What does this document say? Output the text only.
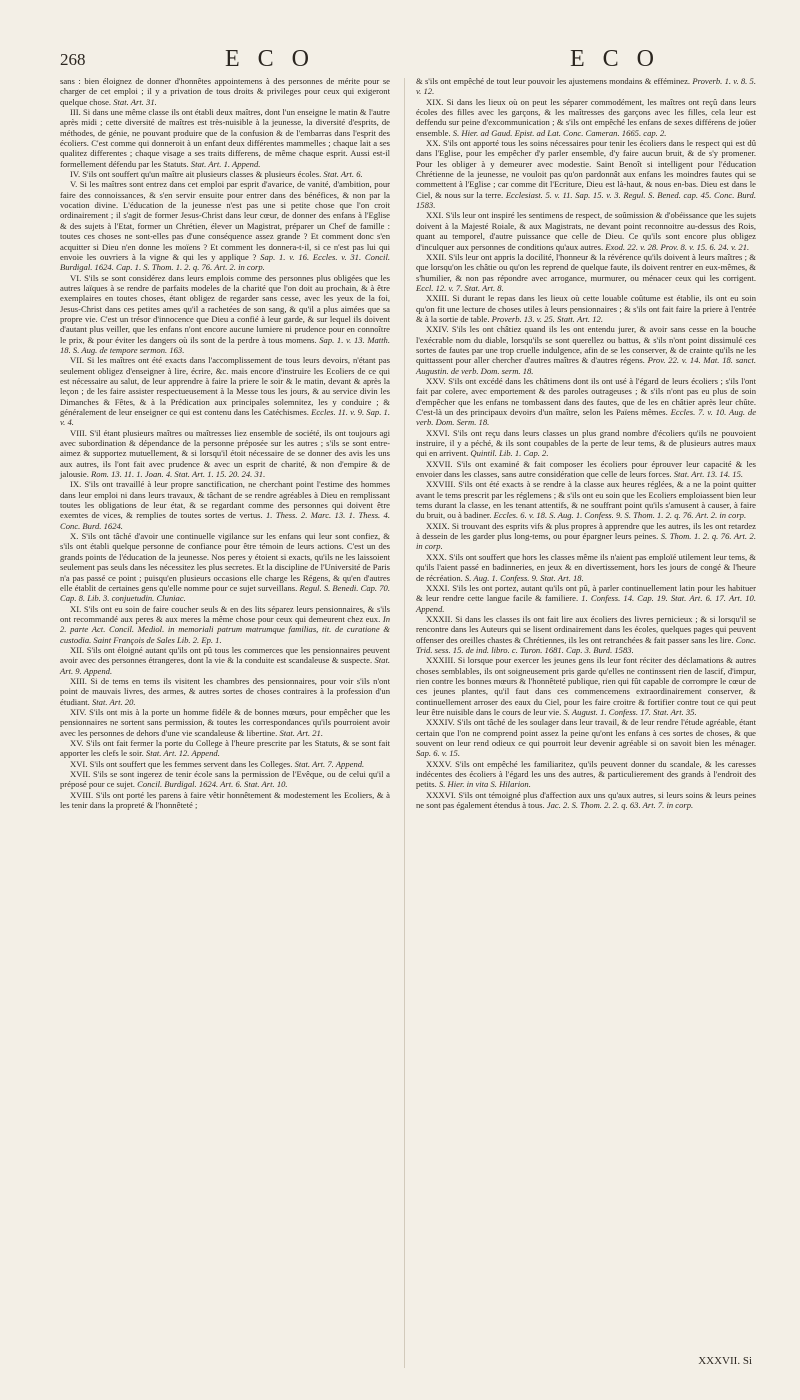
268	E C O	E C O

sans : bien éloignez de donner d'honnêtes appointemens à des personnes de mérite pour se charger de cet emploi ; il y a privation de tous droits & privileges pour ceux qui exigeront quelque chose. Stat. Art. 31.

III. Si dans une même classe ils ont établi deux maîtres, dont l'un enseigne le matin & l'autre après midi ; cette diversité de maîtres est très-nuisible à la jeunesse, la diversité d'esprits, de méthodes, de génie, ne pouvant produire que de la confusion & de l'embarras dans l'esprit des écoliers. C'est comme qui donneroit à un enfant deux différentes mammelles ; chaque lait a ses qualitez differentes ; chaque visage a ses traits differens, de même chaque esprit. Aussi est-il formellement défendu par les Statuts. Stat. Art. 1. Append.

IV. S'ils ont souffert qu'un maître ait plusieurs classes & plusieurs écoles. Stat. Art. 6.

V. Si les maîtres sont entrez dans cet emploi par esprit d'avarice, de vanité, d'ambition, pour faire des connoissances, & s'en servir ensuite pour entrer dans des bénéfices, & non par la vocation divine. L'éducation de la jeunesse n'est pas une si petite chose que l'on croit ordinairement ; il s'agit de former Jesus-Christ dans leur cœur, de donner des enfans à l'Eglise & des sujets à l'Etat, former un Chrétien, élever un Magistrat, préparer un Chef de famille : toutes ces choses ne sont-elles pas d'une conséquence assez grande ? Et comment donc s'en acquitter si Dieu n'en donne les moïens ? Et comment les donnera-t-il, si ce n'est pas lui qui envoie les ouvriers à la vigne & qui les y applique ? Sap. 1. v. 16. Eccles. v. 31. Concil. Burdigal. 1624. Cap. 1. S. Thom. 1. 2. q. 76. Art. 2. in corp.

VI. S'ils se sont considérez dans leurs emplois comme des personnes plus obligées que les autres laïques à se rendre de parfaits modeles de la charité que l'on doit au prochain, & à être exemplaires en toutes choses, étant obligez de regarder sans cesse, avec les yeux de la foi, Jesus-Christ dans ces petites ames qu'il a rachetées de son sang, & qu'il a plus aimées que sa propre vie. C'est un trésor d'innocence que Dieu a confié à leur garde, & sur lequel ils doivent d'autant plus veiller, que les enfans n'ont encore aucune lumiere ni prudence pour en connoître le prix, & pour éviter les dangers où ils sont de la perdre à tous momens. Sap. 1. v. 13. Matth. 18. S. Aug. de tempore sermon. 163.

VII. Si les maîtres ont été exacts dans l'accomplissement de tous leurs devoirs, n'étant pas seulement obligez d'enseigner à lire, écrire, &c. mais encore d'instruire les Ecoliers de ce qui est nécessaire au salut, de leur apprendre à faire la priere le soir & le matin, devant & après la leçon ; de les faire assister respectueusement à la Messe tous les jours, & au service divin les Dimanches & Fêtes, & à la Prédication aux principales solemnitez, les y conduire ; & généralement de leur enseigner ce qui est contenu dans les Catéchismes. Eccles. 11. v. 9. Sap. 1. v. 4.

VIII. S'il étant plusieurs maîtres ou maîtresses liez ensemble de société, ils ont toujours agi avec subordination & dépendance de la personne préposée sur les autres ; s'ils se sont entre-aimez & supportez mutuellement, & si lorsqu'il étoit nécessaire de se donner des avis les uns aux autres, ils l'ont fait avec prudence & avec un esprit de charité, & non d'empire & de jalousie. Rom. 13. 11. 1. Joan. 4. Stat. Art. 1. 15. 20. 24. 31.

IX. S'ils ont travaillé à leur propre sanctification, ne cherchant point l'estime des hommes dans leur emploi ni dans leurs travaux, & tâchant de se rendre agréables à Dieu en remplissant toutes les obligations de leur état, & se regardant comme des personnes qui doivent être exemtes de vices, & remplies de toutes sortes de vertus. 1. Thess. 2. Marc. 13. 1. Thess. 4. Conc. Burd. 1624.

X. S'ils ont tâché d'avoir une continuelle vigilance sur les enfans qui leur sont confiez, & s'ils ont établi quelque personne de confiance pour être témoin de leurs actions. C'est un des grands points de l'éducation de la jeunesse. Nos peres y étoient si exacts, qu'ils ne les laissoient seulement pas seuls dans les nécessitez les plus secretes. Et la discipline de l'Université de Paris n'a pas passé ce point ; puisqu'en plusieurs occasions elle charge les Régens, & qu'en d'autres elle établit de certaines gens qu'elle nomme pour ce sujet surveillans. Regul. S. Benedi. Cap. 70. Cap. 8. Lib. 3. conjuetudin. Cluniac.

XI. S'ils ont eu soin de faire coucher seuls & en des lits séparez leurs pensionnaires, & s'ils ont recommandé aux peres & aux meres la même chose pour ceux qui demeurent chez eux. In 2. parte Act. Concil. Mediol. in memoriali patrum matrumque familias, tit. de curatione & custodia. Saint François de Sales Lib. 2. Ep. 1.

XII. S'ils ont éloigné autant qu'ils ont pû tous les commerces que les pensionnaires peuvent avoir avec des personnes étrangeres, dont la vie & la conduite est scandaleuse & suspecte. Stat. Art. 9. Append.

XIII. Si de tems en tems ils visitent les chambres des pensionnaires, pour voir s'ils n'ont point de mauvais livres, des armes, & autres sortes de choses contraires à la profession d'un étudiant. Stat. Art. 20.

XIV. S'ils ont mis à la porte un homme fidéle & de bonnes mœurs, pour empêcher que les pensionnaires ne sortent sans permission, & toutes les correspondances qu'ils pourroient avoir avec les personnes de dehors d'une vie scandaleuse & libertine. Stat. Art. 21.

XV. S'ils ont fait fermer la porte du College à l'heure prescrite par les Statuts, & se sont fait apporter les clefs le soir. Stat. Art. 12. Append.

XVI. S'ils ont souffert que les femmes servent dans les Colleges. Stat. Art. 7. Append.

XVII. S'ils se sont ingerez de tenir école sans la permission de l'Evêque, ou de celui qu'il a préposé pour ce sujet. Concil. Burdigal. 1624. Art. 6. Stat. Art. 10.

XVIII. S'ils ont porté les parens à faire vêtir honnêtement & modestement les Ecoliers, & à les tenir dans la propreté & l'honnêteté ;

& s'ils ont empêché de tout leur pouvoir les ajustemens mondains & efféminez. Proverb. 1. v. 8. 5. v. 12.

XIX. Si dans les lieux où on peut les séparer commodément, les maîtres ont reçû dans leurs écoles des filles avec les garçons, & les maîtresses des garçons avec les filles, cela leur est deffendu sur peine d'excommunication ; & s'ils ont empêché les enfans de sexes différens de joüer ensemble. S. Hier. ad Gaud. Epist. ad Lat. Conc. Cameran. 1665. cap. 2.

XX. S'ils ont apporté tous les soins nécessaires pour tenir les écoliers dans le respect qui est dû dans l'Eglise, pour les empêcher d'y parler ensemble, d'y faire aucun bruit, & de s'y promener. Pour les obliger à y demeurer avec modestie. Saint Benoît si intelligent pour l'éducation Chrétienne de la jeunesse, ne vouloit pas qu'on pardonnât aux enfans les moindres fautes qui se commettent à l'Eglise ; car comme dit l'Ecriture, Dieu est là-haut, & nous en-bas. Dieu est dans le Ciel, & nous sur la terre. Ecclesiast. 5. v. 11. Sap. 15. v. 3. Regul. S. Bened. cap. 45. Conc. Burd. 1583.

XXI. S'ils leur ont inspiré les sentimens de respect, de soûmission & d'obéissance que les sujets doivent à la Majesté Roiale, & aux Magistrats, ne devant point reconnoitre au-dessus des Rois, quant au temporel, d'autre puissance que celle de Dieu. Ce qu'ils sont encore plus obligez d'inculquer aux personnes de conditions qu'aux autres. Exod. 22. v. 28. Prov. 8. v. 15. 6. 24. v. 21.

XXII. S'ils leur ont appris la docilité, l'honneur & la révérence qu'ils doivent à leurs maîtres ; & que lorsqu'on les châtie ou qu'on les reprend de quelque faute, ils doivent rentrer en eux-mêmes, & s'humilier, & non pas répondre avec arrogance, murmurer, ou ménacer ceux qui les corrigent. Eccl. 12. v. 7. Stat. Art. 8.

XXIII. Si durant le repas dans les lieux où cette louable coûtume est établie, ils ont eu soin qu'on fit une lecture de choses utiles à leurs pensionnaires ; & s'ils ont fait faire la priere à l'entrée & à la sortie de table. Proverb. 13. v. 25. Statt. Art. 12.

XXIV. S'ils les ont châtiez quand ils les ont entendu jurer, & avoir sans cesse en la bouche l'exécrable nom du diable, lorsqu'ils se sont querellez ou battus, & s'ils n'ont point dissimulé ces sortes de fautes par une trop cruelle indulgence, afin de se les conserver, & de crainte qu'ils ne les quittassent pour aller chercher d'autres maîtres & d'autres régens. Prov. 22. v. 14. Mat. 18. sanct. Augustin. de verb. Dom. serm. 18.

XXV. S'ils ont excédé dans les châtimens dont ils ont usé à l'égard de leurs écoliers ; s'ils l'ont fait par colere, avec emportement & des paroles outrageuses ; & s'ils n'ont pas eu plus de soin d'empêcher que les enfans ne tombassent dans des fautes, que de les en châtier après leur chûte. C'est-là un des principaux devoirs d'un maître, selon les Païens mêmes. Eccles. 7. v. 10. Aug. de verb. Dom. Serm. 18.

XXVI. S'ils ont reçu dans leurs classes un plus grand nombre d'écoliers qu'ils ne pouvoient instruire, il y a péché, & ils sont coupables de la perte de leur tems, & de plusieurs autres maux qui en arrivent. Quintil. Lib. 1. Cap. 2.

XXVII. S'ils ont examiné & fait composer les écoliers pour éprouver leur capacité & les envoier dans les classes, sans autre considération que celle de leurs forces. Stat. Art. 13. 14. 15.

XXVIII. S'ils ont été exacts à se rendre à la classe aux heures réglées, & a ne la point quitter avant le tems prescrit par les réglemens ; & s'ils ont eu soin que les Ecoliers emploiassent bien leur tems durant la classe, en les tenant attentifs, & ne souffrant point qu'ils s'amusent à causer, à faire du bruit, ou à badiner. Eccles. 6. v. 18. S. Aug. 1. Confess. 9. S. Thom. 1. 2. q. 76. Art. 2. in corp.

XXIX. Si trouvant des esprits vifs & plus propres à apprendre que les autres, ils les ont retardez à dessein de les garder plus long-tems, ou pour épargner leurs peines. S. Thom. 1. 2. q. 76. Art. 2. in corp.

XXX. S'ils ont souffert que hors les classes même ils n'aient pas emploïé utilement leur tems, & qu'ils l'aient passé en badinneries, en jeux & en divertissement, hors les jours de congé & l'heure de récréation. S. Aug. 1. Confess. 9. Stat. Art. 18.

XXXI. S'ils les ont portez, autant qu'ils ont pû, à parler continuellement latin pour les habituer & leur rendre cette langue facile & familiere. 1. Confess. 14. Cap. 19. Stat. Art. 6. 17. Art. 10. Append.

XXXII. Si dans les classes ils ont fait lire aux écoliers des livres pernicieux ; & si lorsqu'il se rencontre dans les Auteurs qui se lisent ordinairement dans les écoles, quelques pages qui peuvent offenser des oreilles chastes & Chrétiennes, ils les ont retranchées & fait passer sans les lire. Conc. Trid. sess. 15. de ind. libro. c. Turon. 1681. Cap. 3. Burd. 1583.

XXXIII. Si lorsque pour exercer les jeunes gens ils leur font réciter des déclamations & autres choses semblables, ils ont soigneusement pris garde qu'elles ne continssent rien de lascif, d'impur, rien contre les bonnes mœurs & l'honnêteté publique, rien qui fût capable de corrompre le cœur de ces jeunes plantes, qu'il faut dans ces commencemens extraordinairement conserver, & continuellement arroser des eaux du Ciel, pour les faire croitre & fortifier contre tout ce qui peut leur être nuisible dans le cours de leur vie. S. August. 1. Confess. 17. Stat. Art. 35.

XXXIV. S'ils ont tâché de les soulager dans leur travail, & de leur rendre l'étude agréable, étant certain que l'on ne comprend point assez la peine qu'ont les enfans à ces sortes de choses, & que souvent on leur rend odieux ce qui pourroit leur devenir agréable si on savoit bien les ménager. Sap. 6. v. 15.

XXXV. S'ils ont empêché les familiaritez, qu'ils peuvent donner du scandale, & les caresses indécentes des écoliers à l'égard les uns des autres, & particulierement des grands à l'endroit des petits. S. Hier. in vita S. Hilarion.

XXXVI. S'ils ont témoigné plus d'affection aux uns qu'aux autres, si leurs soins & leurs peines ne sont pas également étendus à tous. Jac. 2. S. Thom. 2. 2. q. 63. Art. 7. in corp.

XXXVII. Si
